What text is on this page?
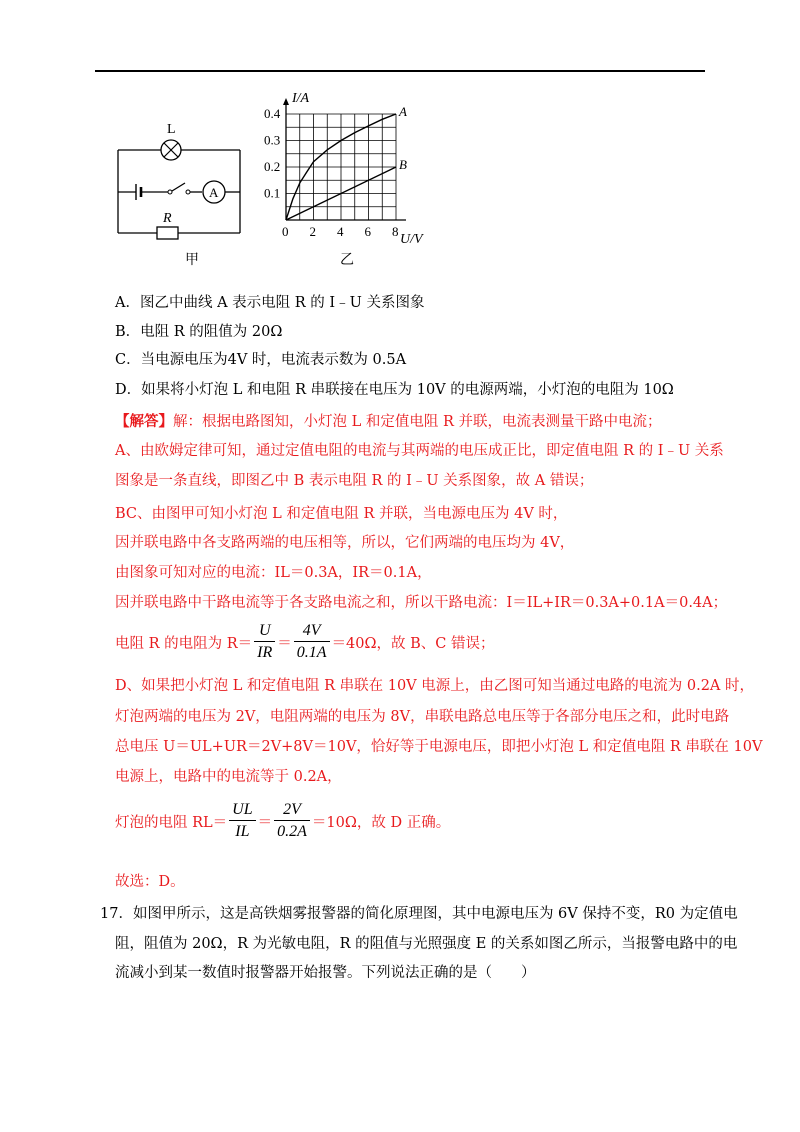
L
A
R
甲
0 2 4 6 8
0.1
0.2
0.3
0.4	A
B
I/A
U/V
乙
A．图乙中曲线 A 表示电阻 R 的 I﹣U 关系图象
B．电阻 R 的阻值为 20Ω
C．当电源电压为4V 时，电流表示数为 0.5A
D．如果将小灯泡 L 和电阻 R 串联接在电压为 10V 的电源两端，小灯泡的电阻为 10Ω
【解答】解：根据电路图知，小灯泡 L 和定值电阻 R 并联，电流表测量干路中电流；
A、由欧姆定律可知，通过定值电阻的电流与其两端的电压成正比，即定值电阻 R 的 I﹣U 关系
图象是一条直线，即图乙中 B 表示电阻 R 的 I﹣U 关系图象，故 A 错误；
BC、由图甲可知小灯泡 L 和定值电阻 R 并联，当电源电压为 4V 时，
因并联电路中各支路两端的电压相等，所以，它们两端的电压均为 4V，
由图象可知对应的电流：IL＝0.3A，IR＝0.1A，
因并联电路中干路电流等于各支路电流之和，所以干路电流：I＝IL+IR＝0.3A+0.1A＝0.4A；
电阻 R 的电阻为 $R= \frac{U}{IR} = \frac{4V}{0.1A} =40\Omega$，故 B、C 错误；
D、如果把小灯泡 L 和定值电阻 R 串联在 10V 电源上，由乙图可知当通过电路的电流为 0.2A 时，
灯泡两端的电压为 2V，电阻两端的电压为 8V，串联电路总电压等于各部分电压之和，此时电路
总电压 U＝UL+UR＝2V+8V＝10V，恰好等于电源电压，即把小灯泡 L 和定值电阻 R 串联在 10V
电源上，电路中的电流等于 0.2A，
灯泡的电阻 $RL= \frac{UL}{IL} = \frac{2V}{0.2A} =10\Omega$，故 D 正确。
故选：D。
17．如图甲所示，这是高铁烟雾报警器的简化原理图，其中电源电压为 6V 保持不变，R0 为定值电
阻，阻值为 20Ω，R 为光敏电阻，R 的阻值与光照强度 E 的关系如图乙所示，当报警电路中的电
流减小到某一数值时报警器开始报警。下列说法正确的是（　　）
